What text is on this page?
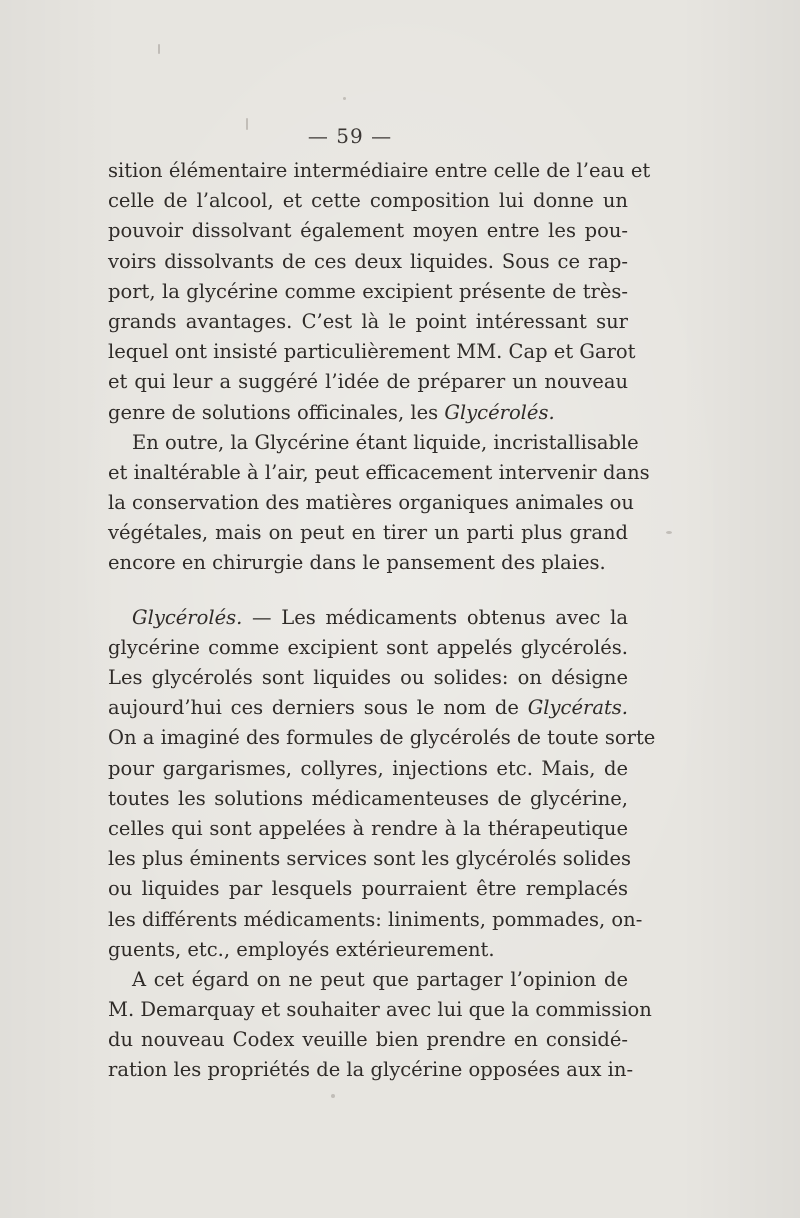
— 59 —
sition élémentaire intermédiaire entre celle de l’eau et
celle de l’alcool, et cette composition lui donne un
pouvoir dissolvant également moyen entre les pou-
voirs dissolvants de ces deux liquides. Sous ce rap-
port, la glycérine comme excipient présente de très-
grands avantages. C’est là le point intéressant sur
lequel ont insisté particulièrement MM. Cap et Garot
et qui leur a suggéré l’idée de préparer un nouveau
genre de solutions officinales, les Glycérolés.
En outre, la Glycérine étant liquide, incristallisable
et inaltérable à l’air, peut efficacement intervenir dans
la conservation des matières organiques animales ou
végétales, mais on peut en tirer un parti plus grand
encore en chirurgie dans le pansement des plaies.
Glycérolés. — Les médicaments obtenus avec la
glycérine comme excipient sont appelés glycérolés.
Les glycérolés sont liquides ou solides: on désigne
aujourd’hui ces derniers sous le nom de Glycérats.
On a imaginé des formules de glycérolés de toute sorte
pour gargarismes, collyres, injections etc. Mais, de
toutes les solutions médicamenteuses de glycérine,
celles qui sont appelées à rendre à la thérapeutique
les plus éminents services sont les glycérolés solides
ou liquides par lesquels pourraient être remplacés
les différents médicaments: liniments, pommades, on-
guents, etc., employés extérieurement.
A cet égard on ne peut que partager l’opinion de
M. Demarquay et souhaiter avec lui que la commission
du nouveau Codex veuille bien prendre en considé-
ration les propriétés de la glycérine opposées aux in-
